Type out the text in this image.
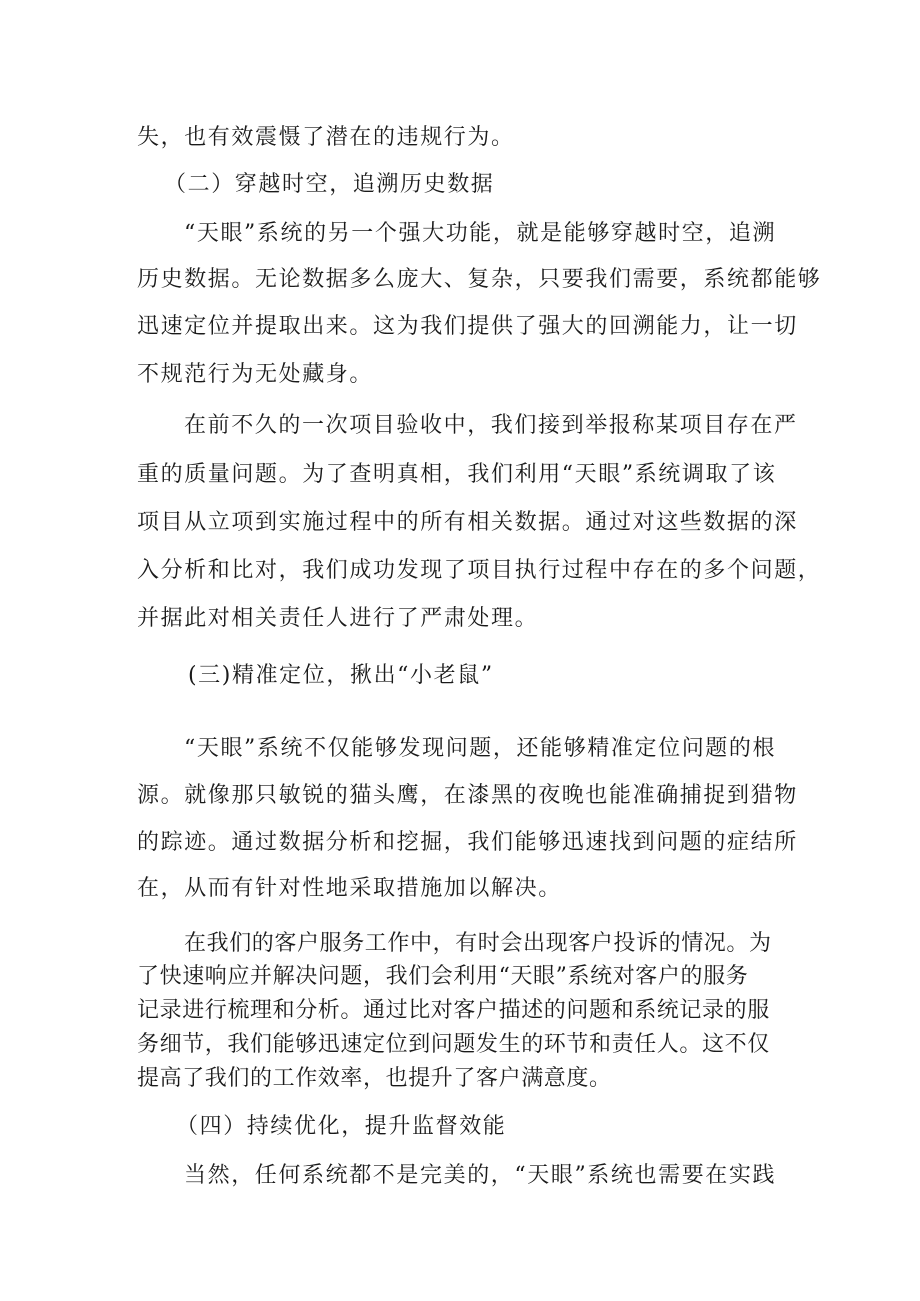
失，也有效震慑了潜在的违规行为。
（二）穿越时空，追溯历史数据
“天眼”系统的另一个强大功能，就是能够穿越时空，追溯
历史数据。无论数据多么庞大、复杂，只要我们需要，系统都能够
迅速定位并提取出来。这为我们提供了强大的回溯能力，让一切
不规范行为无处藏身。
在前不久的一次项目验收中，我们接到举报称某项目存在严
重的质量问题。为了查明真相，我们利用“天眼”系统调取了该
项目从立项到实施过程中的所有相关数据。通过对这些数据的深
入分析和比对，我们成功发现了项目执行过程中存在的多个问题，
并据此对相关责任人进行了严肃处理。
(三)精准定位，揪出“小老鼠”
“天眼”系统不仅能够发现问题，还能够精准定位问题的根
源。就像那只敏锐的猫头鹰，在漆黑的夜晚也能准确捕捉到猎物
的踪迹。通过数据分析和挖掘，我们能够迅速找到问题的症结所
在，从而有针对性地采取措施加以解决。
在我们的客户服务工作中，有时会出现客户投诉的情况。为
了快速响应并解决问题，我们会利用“天眼”系统对客户的服务
记录进行梳理和分析。通过比对客户描述的问题和系统记录的服
务细节，我们能够迅速定位到问题发生的环节和责任人。这不仅
提高了我们的工作效率，也提升了客户满意度。
（四）持续优化，提升监督效能
当然，任何系统都不是完美的，“天眼”系统也需要在实践
